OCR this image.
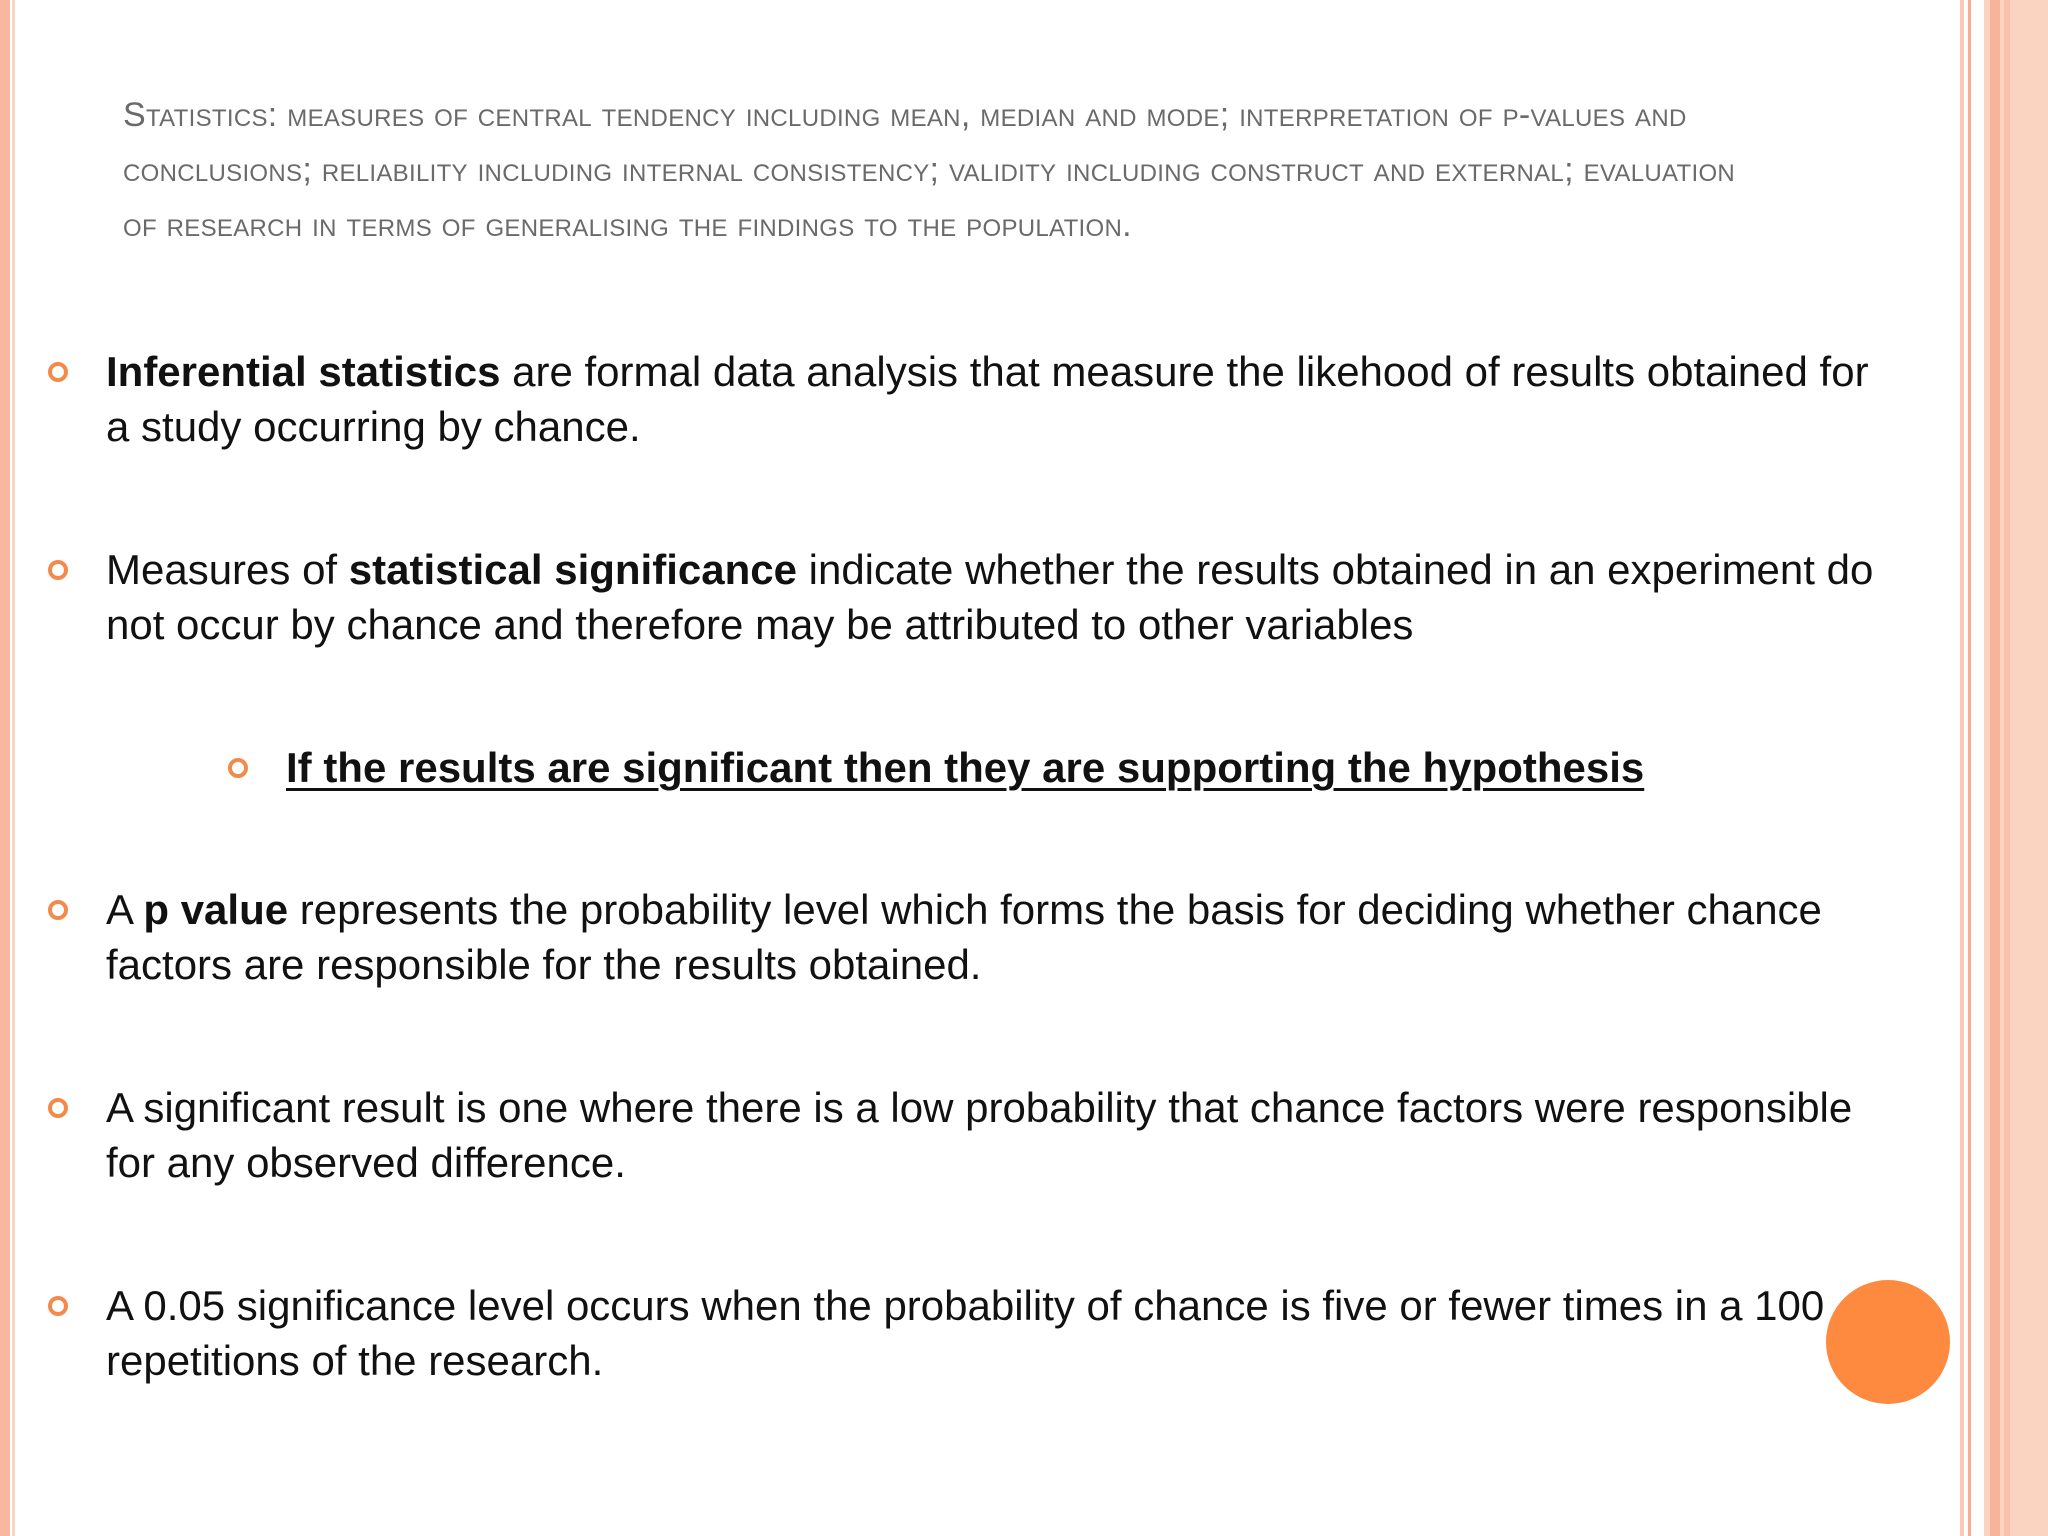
Statistics: measures of central tendency including mean, median and mode; interpretation of p-values and conclusions; reliability including internal consistency; validity including construct and external; evaluation of research in terms of generalising the findings to the population.
Inferential statistics are formal data analysis that measure the likehood of results obtained for a study occurring by chance.
Measures of statistical significance indicate whether the results obtained in an experiment do not occur by chance and therefore may be attributed to other variables
If the results are significant then they are supporting the hypothesis
A p value represents the probability level which forms the basis for deciding whether chance factors are responsible for the results obtained.
A significant result is one where there is a low probability that chance factors were responsible for any observed difference.
A 0.05 significance level occurs when the probability of chance is five or fewer times in a 100 repetitions of the research.
